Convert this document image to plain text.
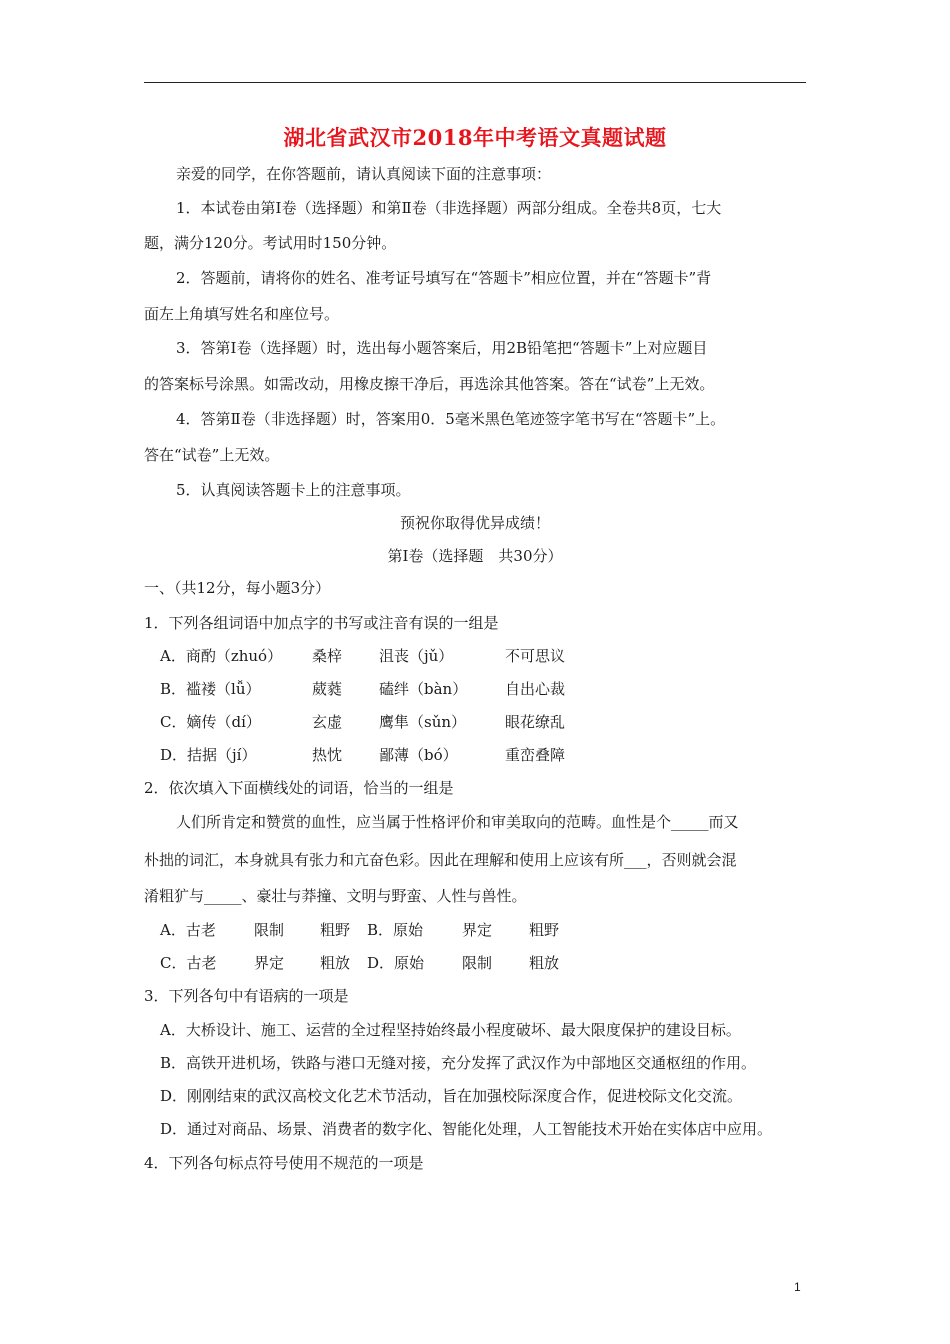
湖北省武汉市2018年中考语文真题试题
亲爱的同学，在你答题前，请认真阅读下面的注意事项：
1．本试卷由第Ⅰ卷（选择题）和第Ⅱ卷（非选择题）两部分组成。全卷共8页，七大
题，满分120分。考试用时150分钟。
2．答题前，请将你的姓名、准考证号填写在“答题卡”相应位置，并在“答题卡”背
面左上角填写姓名和座位号。
3．答第Ⅰ卷（选择题）时，选出每小题答案后，用2B铅笔把“答题卡”上对应题目
的答案标号涂黑。如需改动，用橡皮擦干净后，再选涂其他答案。答在“试卷”上无效。
4．答第Ⅱ卷（非选择题）时，答案用0．5毫米黑色笔迹签字笔书写在“答题卡”上。
答在“试卷”上无效。
5．认真阅读答题卡上的注意事项。
预祝你取得优异成绩！
第Ⅰ卷（选择题　共30分）
一、（共12分，每小题3分）
1．下列各组词语中加点字的书写或注音有误的一组是
A．商酌（zhuó） 桑梓 沮丧（jǔ）	不可思议
B．褴褛（lǚ）	葳蕤 磕绊（bàn）	自出心裁
C．嫡传（dí）	玄虚 鹰隼（sǔn）	眼花缭乱
D．拮据（jí）	热忱 鄙薄（bó）	重峦叠障
2．依次填入下面横线处的词语，恰当的一组是
人们所肯定和赞赏的血性，应当属于性格评价和审美取向的范畴。血性是个_____而又
朴拙的词汇，本身就具有张力和亢奋色彩。因此在理解和使用上应该有所___，否则就会混
淆粗犷与_____、豪壮与莽撞、文明与野蛮、人性与兽性。
A．古老	限制 粗野 B．原始	界定 粗野
C．古老	界定 粗放 D．原始	限制 粗放
3．下列各句中有语病的一项是
A．大桥设计、施工、运营的全过程坚持始终最小程度破坏、最大限度保护的建设目标。
B．高铁开进机场，铁路与港口无缝对接，充分发挥了武汉作为中部地区交通枢纽的作用。
D．刚刚结束的武汉高校文化艺术节活动，旨在加强校际深度合作，促进校际文化交流。
D．通过对商品、场景、消费者的数字化、智能化处理，人工智能技术开始在实体店中应用。
4．下列各句标点符号使用不规范的一项是
1
